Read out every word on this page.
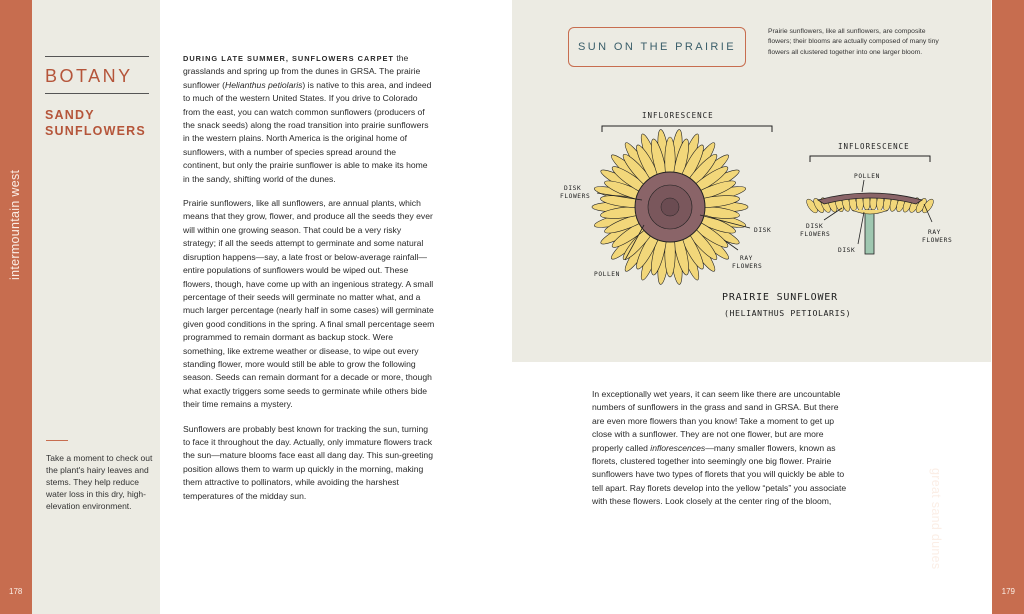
intermountain west
178
BOTANY
SANDY
SUNFLOWERS
Take a moment to check out the plant's hairy leaves and stems. They help reduce water loss in this dry, high-elevation environment.

DURING LATE SUMMER, SUNFLOWERS CARPET the grasslands and spring up from the dunes in GRSA. The prairie sunflower (Helianthus petiolaris) is native to this area, and indeed to much of the western United States. If you drive to Colorado from the east, you can watch common sunflowers (producers of the snack seeds) along the road transition into prairie sunflowers in the western plains. North America is the original home of sunflowers, with a number of species spread around the continent, but only the prairie sunflower is able to make its home in the sandy, shifting world of the dunes.

Prairie sunflowers, like all sunflowers, are annual plants, which means that they grow, flower, and produce all the seeds they ever will within one growing season. That could be a very risky strategy; if all the seeds attempt to germinate and some natural disruption happens—say, a late frost or below-average rainfall—entire populations of sunflowers would be wiped out. These flowers, though, have come up with an ingenious strategy. A small percentage of their seeds will germinate no matter what, and a much larger percentage (nearly half in some cases) will germinate given good conditions in the spring. A final small percentage seem programmed to remain dormant as backup stock. Were something, like extreme weather or disease, to wipe out every standing flower, more would still be able to grow the following season. Seeds can remain dormant for a decade or more, though what exactly triggers some seeds to germinate while others bide their time remains a mystery.

Sunflowers are probably best known for tracking the sun, turning to face it throughout the day. Actually, only immature flowers track the sun—mature blooms face east all dang day. This sun-greeting position allows them to warm up quickly in the morning, making them attractive to pollinators, while avoiding the harshest temperatures of the midday sun.

SUN ON THE PRAIRIE
Prairie sunflowers, like all sunflowers, are composite flowers; their blooms are actually composed of many tiny flowers all clustered together into one larger bloom.
INFLORESCENCE
DISK
FLOWERS
DISK
RAY
FLOWERS
POLLEN
INFLORESCENCE
POLLEN
DISK
FLOWERS
DISK
RAY
FLOWERS
PRAIRIE SUNFLOWER
(HELIANTHUS PETIOLARIS)

In exceptionally wet years, it can seem like there are uncountable numbers of sunflowers in the grass and sand in GRSA. But there are even more flowers than you know! Take a moment to get up close with a sunflower. They are not one flower, but are more properly called inflorescences—many smaller flowers, known as florets, clustered together into seemingly one big flower. Prairie sunflowers have two types of florets that you will quickly be able to tell apart. Ray florets develop into the yellow “petals” you associate with these flowers. Look closely at the center ring of the bloom,	great sand dunes
179
